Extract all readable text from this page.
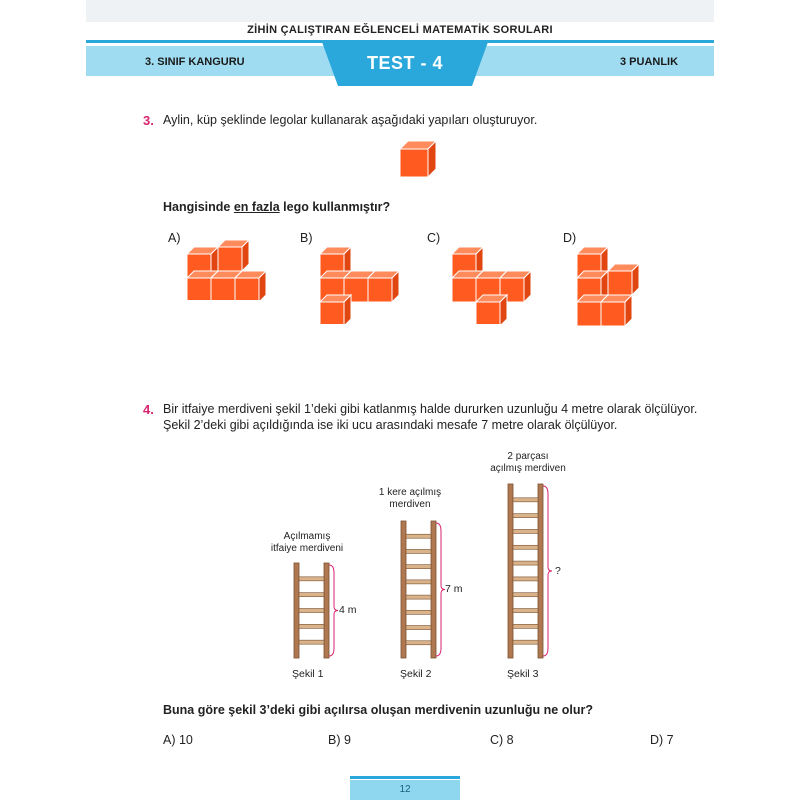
ZİHİN ÇALIŞTIRAN EĞLENCELİ MATEMATİK SORULARI
3. SINIF KANGURU	3 PUANLIK
TEST - 4
3. Aylin, küp şeklinde legolar kullanarak aşağıdaki yapıları oluşturuyor.
Hangisinde en fazla lego kullanmıştır?
A)	B)	C)	D)
4. Bir itfaiye merdiveni şekil 1’deki gibi katlanmış halde dururken uzunluğu 4 metre olarak ölçülüyor.
Şekil 2’deki gibi açıldığında ise iki ucu arasındaki mesafe 7 metre olarak ölçülüyor.
Açılmamış
itfaiye merdiveni
1 kere açılmış
merdiven
2 parçası
açılmış merdiven
4 m
7 m
?
Şekil 1	Şekil 2	Şekil 3
Buna göre şekil 3’deki gibi açılırsa oluşan merdivenin uzunluğu ne olur?
A) 10	B) 9	C) 8	D) 7
12
